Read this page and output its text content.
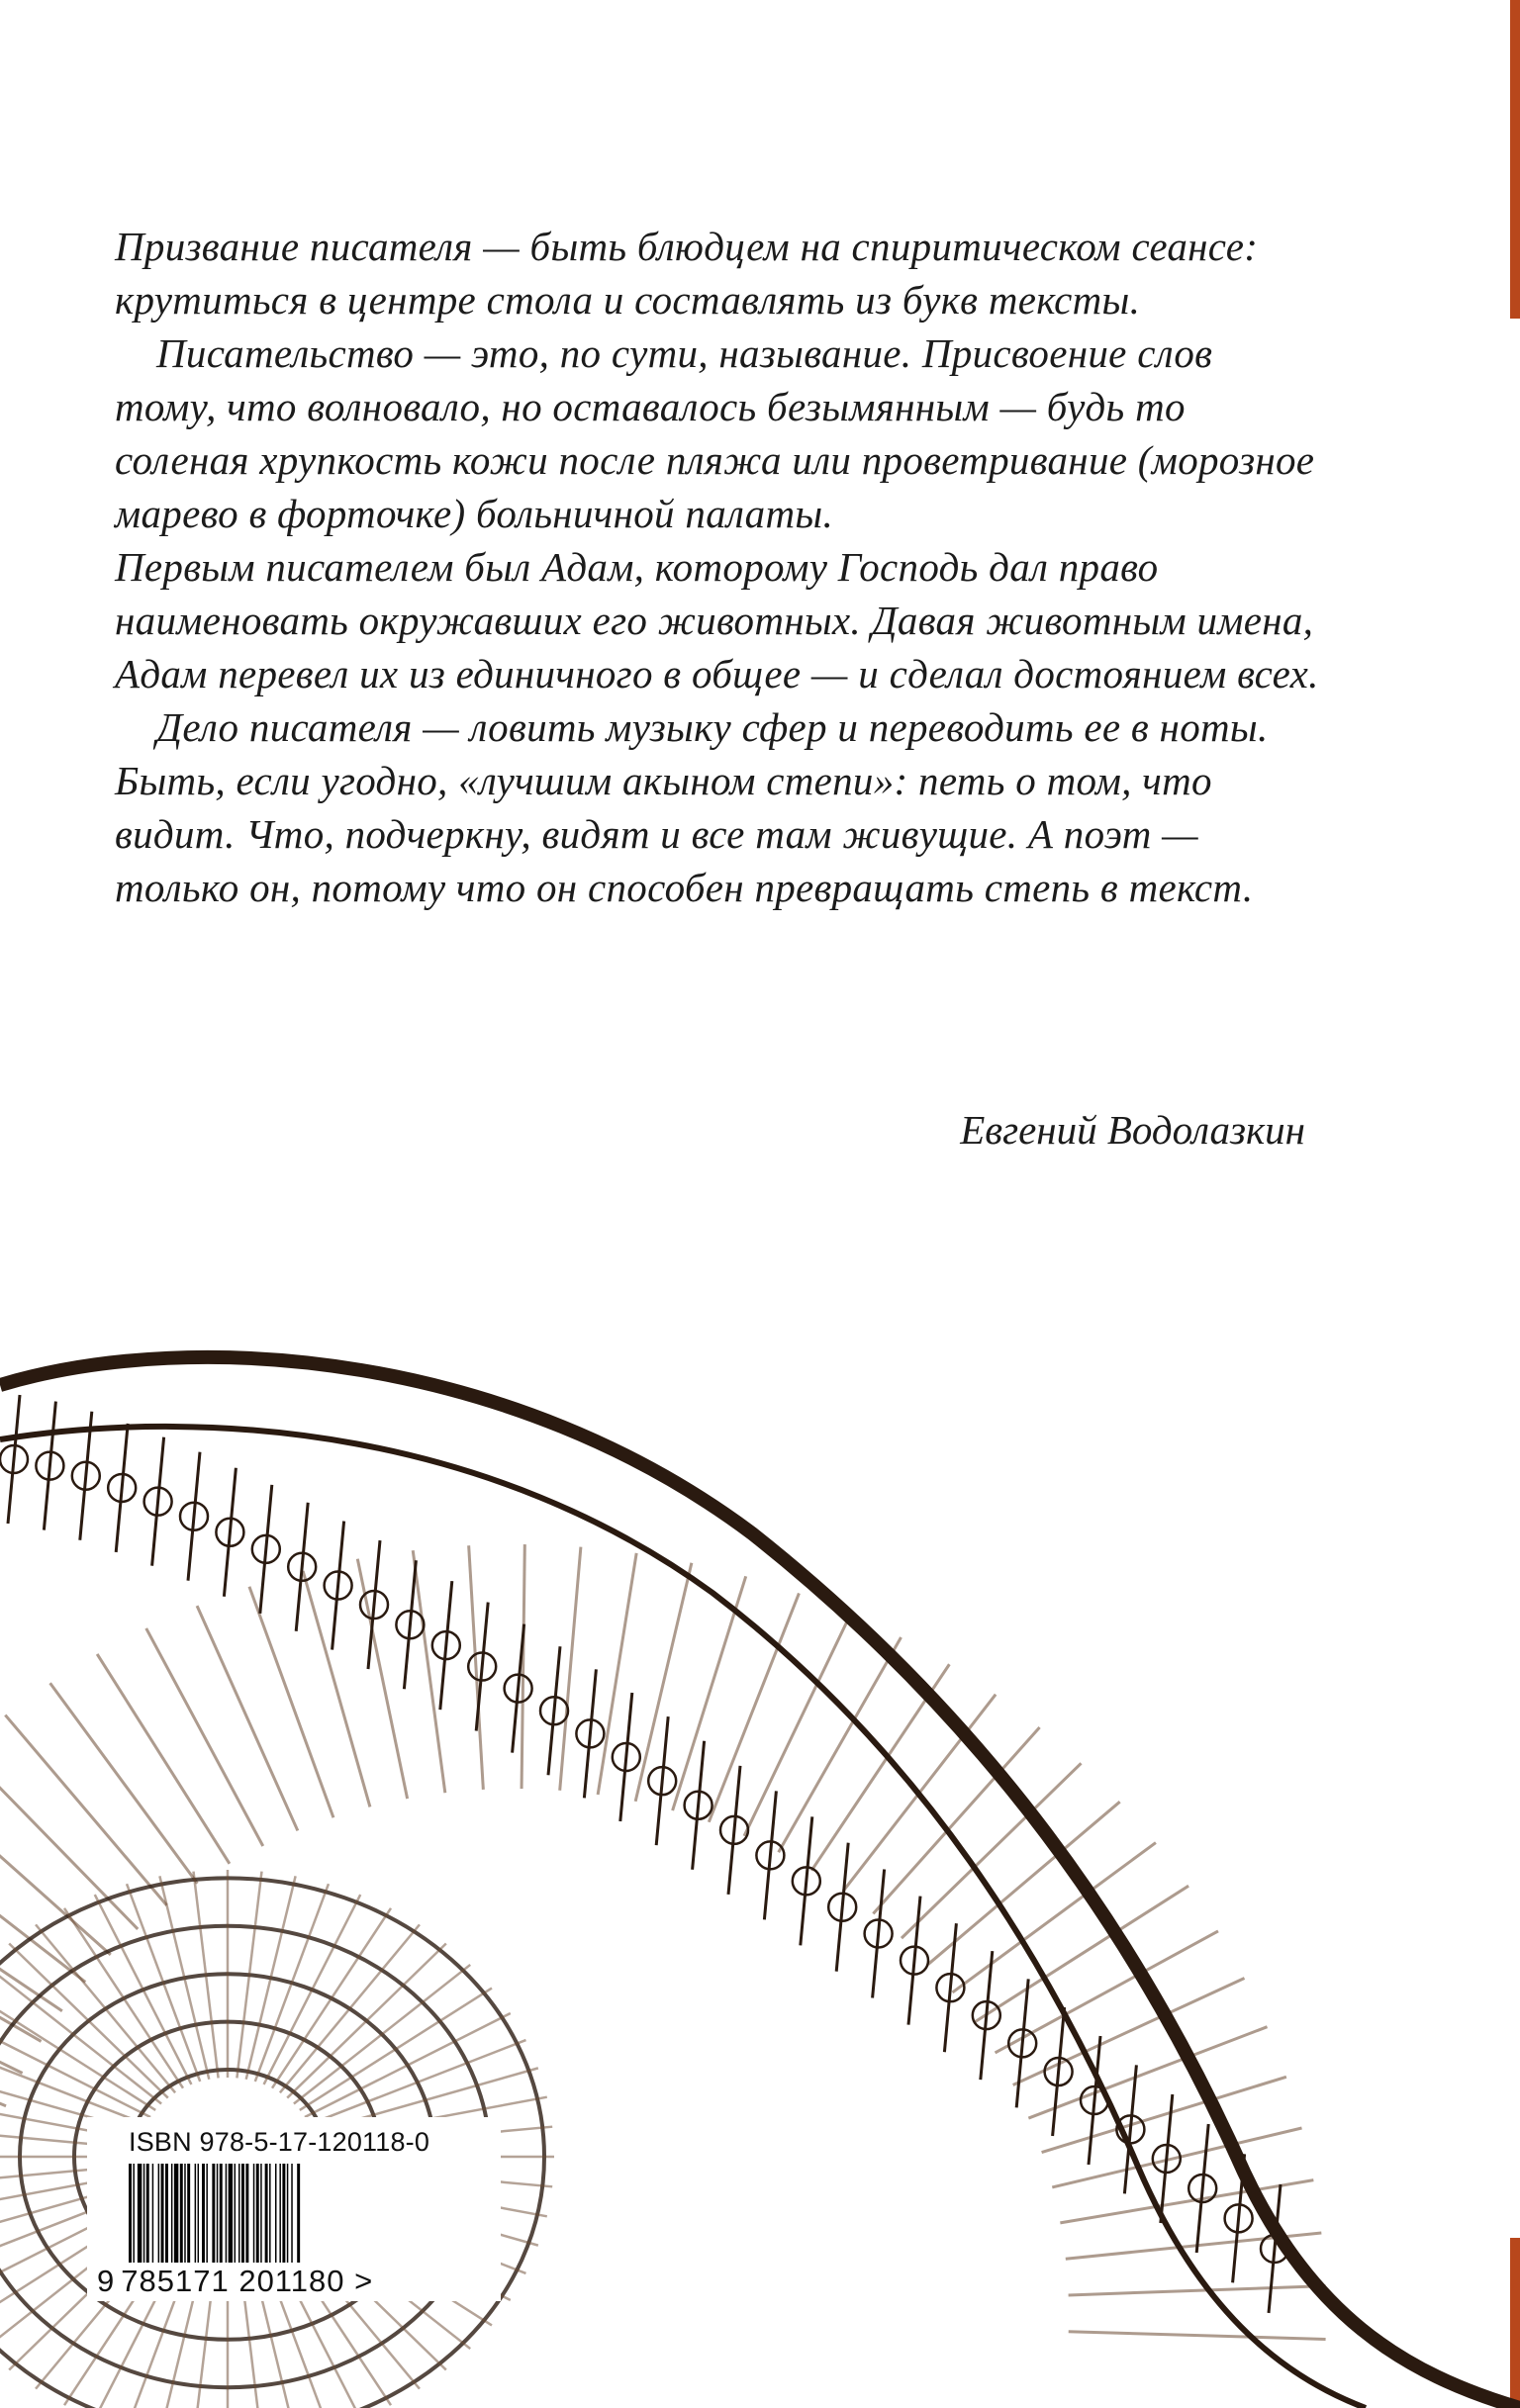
Призвание писателя — быть блюдцем на спиритическом сеансе: крутиться в центре стола и составлять из букв тексты.

Писательство — это, по сути, называние. Присвоение слов тому, что волновало, но оставалось безымянным — будь то соленая хрупкость кожи после пляжа или проветривание (морозное марево в форточке) больничной палаты.

Первым писателем был Адам, которому Господь дал право наименовать окружавших его животных. Давая животным имена, Адам перевел их из единичного в общее — и сделал достоянием всех.

Дело писателя — ловить музыку сфер и переводить ее в ноты. Быть, если угодно, «лучшим акыном степи»: петь о том, что видит. Что, подчеркну, видят и все там живущие. А поэт — только он, потому что он способен превращать степь в текст.

Евгений Водолазкин
ISBN 978-5-17-120118-0
9 785171 201180 >
